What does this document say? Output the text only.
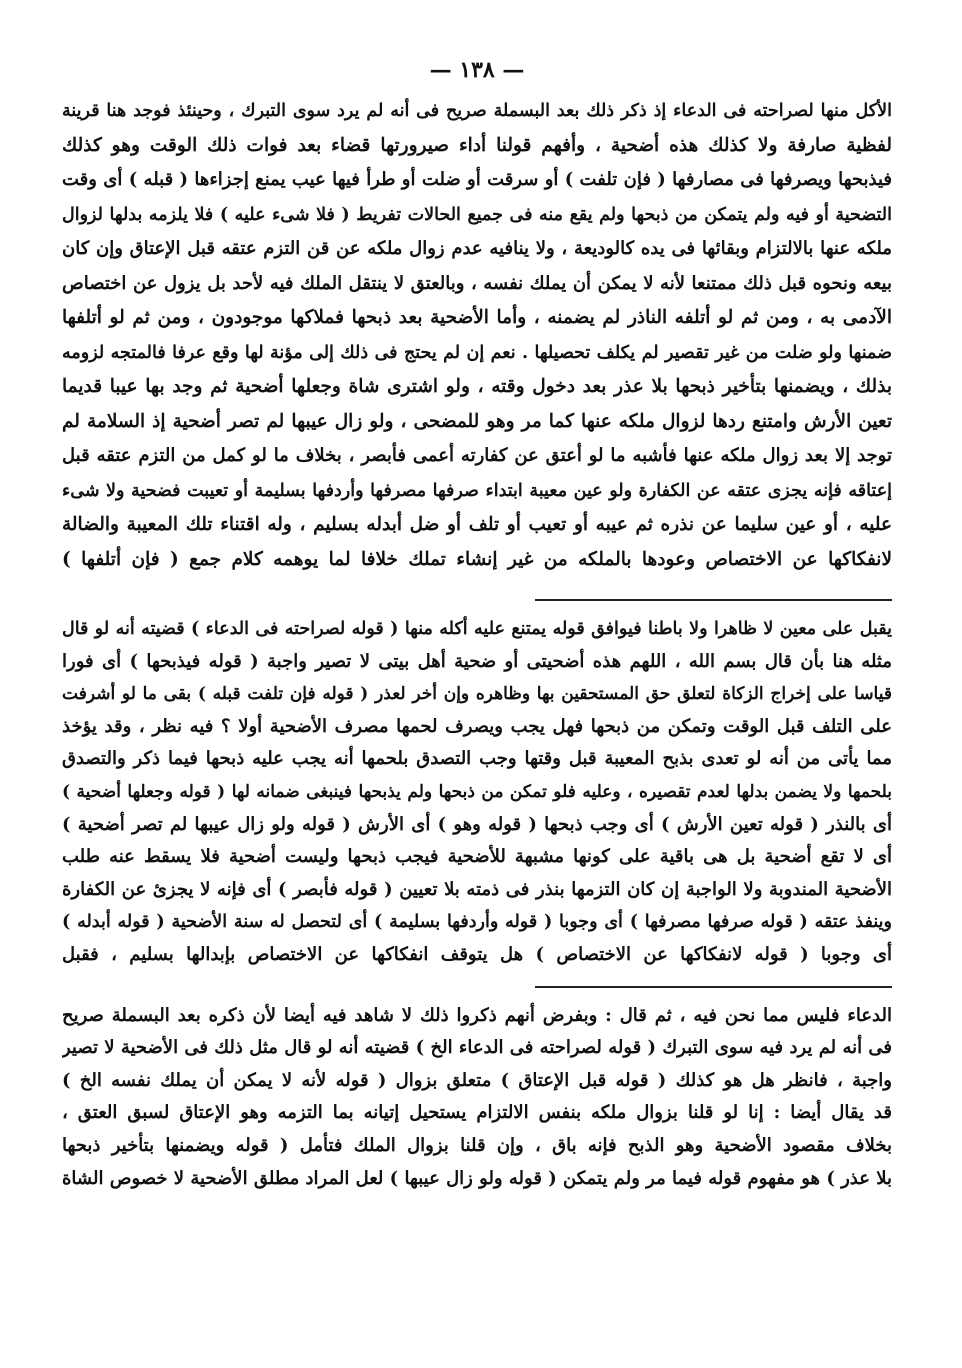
— ١٣٨ —
الأكل منها لصراحته فى الدعاء إذ ذكر ذلك بعد البسملة صريح فى أنه لم يرد سوى التبرك ، وحينئذ فوجد هنا قرينة
لفظية صارفة ولا كذلك هذه أضحية ، وأفهم قولنا أداء صيرورتها قضاء بعد فوات ذلك الوقت وهو كذلك
فيذبحها ويصرفها فى مصارفها ( فإن تلفت ) أو سرقت أو ضلت أو طرأ فيها عيب يمنع إجزاءها ( قبله ) أى وقت
التضحية أو فيه ولم يتمكن من ذبحها ولم يقع منه فى جميع الحالات تفريط ( فلا شىء عليه ) فلا يلزمه بدلها لزوال
ملكه عنها بالالتزام وبقائها فى يده كالوديعة ، ولا ينافيه عدم زوال ملكه عن قن التزم عتقه قبل الإعتاق وإن كان
بيعه ونحوه قبل ذلك ممتنعا لأنه لا يمكن أن يملك نفسه ، وبالعتق لا ينتقل الملك فيه لأحد بل يزول عن اختصاص
الآدمى به ، ومن ثم لو أتلفه الناذر لم يضمنه ، وأما الأضحية بعد ذبحها فملاكها موجودون ، ومن ثم لو أتلفها
ضمنها ولو ضلت من غير تقصير لم يكلف تحصيلها . نعم إن لم يحتج فى ذلك إلى مؤنة لها وقع عرفا فالمتجه لزومه
بذلك ، ويضمنها بتأخير ذبحها بلا عذر بعد دخول وقته ، ولو اشترى شاة وجعلها أضحية ثم وجد بها عيبا قديما
تعين الأرش وامتنع ردها لزوال ملكه عنها كما مر وهو للمضحى ، ولو زال عيبها لم تصر أضحية إذ السلامة لم
توجد إلا بعد زوال ملكه عنها فأشبه ما لو أعتق عن كفارته أعمى فأبصر ، بخلاف ما لو كمل من التزم عتقه قبل
إعتاقه فإنه يجزى عتقه عن الكفارة ولو عين معيبة ابتداء صرفها مصرفها وأردفها بسليمة أو تعيبت فضحية ولا شىء
عليه ، أو عين سليما عن نذره ثم عيبه أو تعيب أو تلف أو ضل أبدله بسليم ، وله اقتناء تلك المعيبة والضالة
لانفكاكها عن الاختصاص وعودها بالملكه من غير إنشاء تملك خلافا لما يوهمه كلام جمع ( فإن أتلفها )
يقبل على معين لا ظاهرا ولا باطنا فيوافق قوله يمتنع عليه أكله منها ( قوله لصراحته فى الدعاء ) قضيته أنه لو قال
مثله هنا بأن قال بسم الله ، اللهم هذه أضحيتى أو ضحية أهل بيتى لا تصير واجبة ( قوله فيذبحها ) أى فورا
قياسا على إخراج الزكاة لتعلق حق المستحقين بها وظاهره وإن أخر لعذر ( قوله فإن تلفت قبله ) بقى ما لو أشرفت
على التلف قبل الوقت وتمكن من ذبحها فهل يجب ويصرف لحمها مصرف الأضحية أولا ؟ فيه نظر ، وقد يؤخذ
مما يأتى من أنه لو تعدى بذبح المعيبة قبل وقتها وجب التصدق بلحمها أنه يجب عليه ذبحها فيما ذكر والتصدق
بلحمها ولا يضمن بدلها لعدم تقصيره ، وعليه فلو تمكن من ذبحها ولم يذبحها فينبغى ضمانه لها ( قوله وجعلها أضحية )
أى بالنذر ( قوله تعين الأرش ) أى وجب ذبحها ( قوله وهو ) أى الأرش ( قوله ولو زال عيبها لم تصر أضحية )
أى لا تقع أضحية بل هى باقية على كونها مشبهة للأضحية فيجب ذبحها وليست أضحية فلا يسقط عنه طلب
الأضحية المندوبة ولا الواجبة إن كان التزمها بنذر فى ذمته بلا تعيين ( قوله فأبصر ) أى فإنه لا يجزئ عن الكفارة
وينفذ عتقه ( قوله صرفها مصرفها ) أى وجوبا ( قوله وأردفها بسليمة ) أى لتحصل له سنة الأضحية ( قوله أبدله )
أى وجوبا ( قوله لانفكاكها عن الاختصاص ) هل يتوقف انفكاكها عن الاختصاص بإبدالها بسليم ، فقبل
الدعاء فليس مما نحن فيه ، ثم قال : وبفرض أنهم ذكروا ذلك لا شاهد فيه أيضا لأن ذكره بعد البسملة صريح
فى أنه لم يرد فيه سوى التبرك ( قوله لصراحته فى الدعاء الخ ) قضيته أنه لو قال مثل ذلك فى الأضحية لا تصير
واجبة ، فانظر هل هو كذلك ( قوله قبل الإعتاق ) متعلق بزوال ( قوله لأنه لا يمكن أن يملك نفسه الخ )
قد يقال أيضا : إنا لو قلنا بزوال ملكه بنفس الالتزام يستحيل إتيانه بما التزمه وهو الإعتاق لسبق العتق ،
بخلاف مقصود الأضحية وهو الذبح فإنه باق ، وإن قلنا بزوال الملك فتأمل ( قوله ويضمنها بتأخير ذبحها
بلا عذر ) هو مفهوم قوله فيما مر ولم يتمكن ( قوله ولو زال عيبها ) لعل المراد مطلق الأضحية لا خصوص الشاة
